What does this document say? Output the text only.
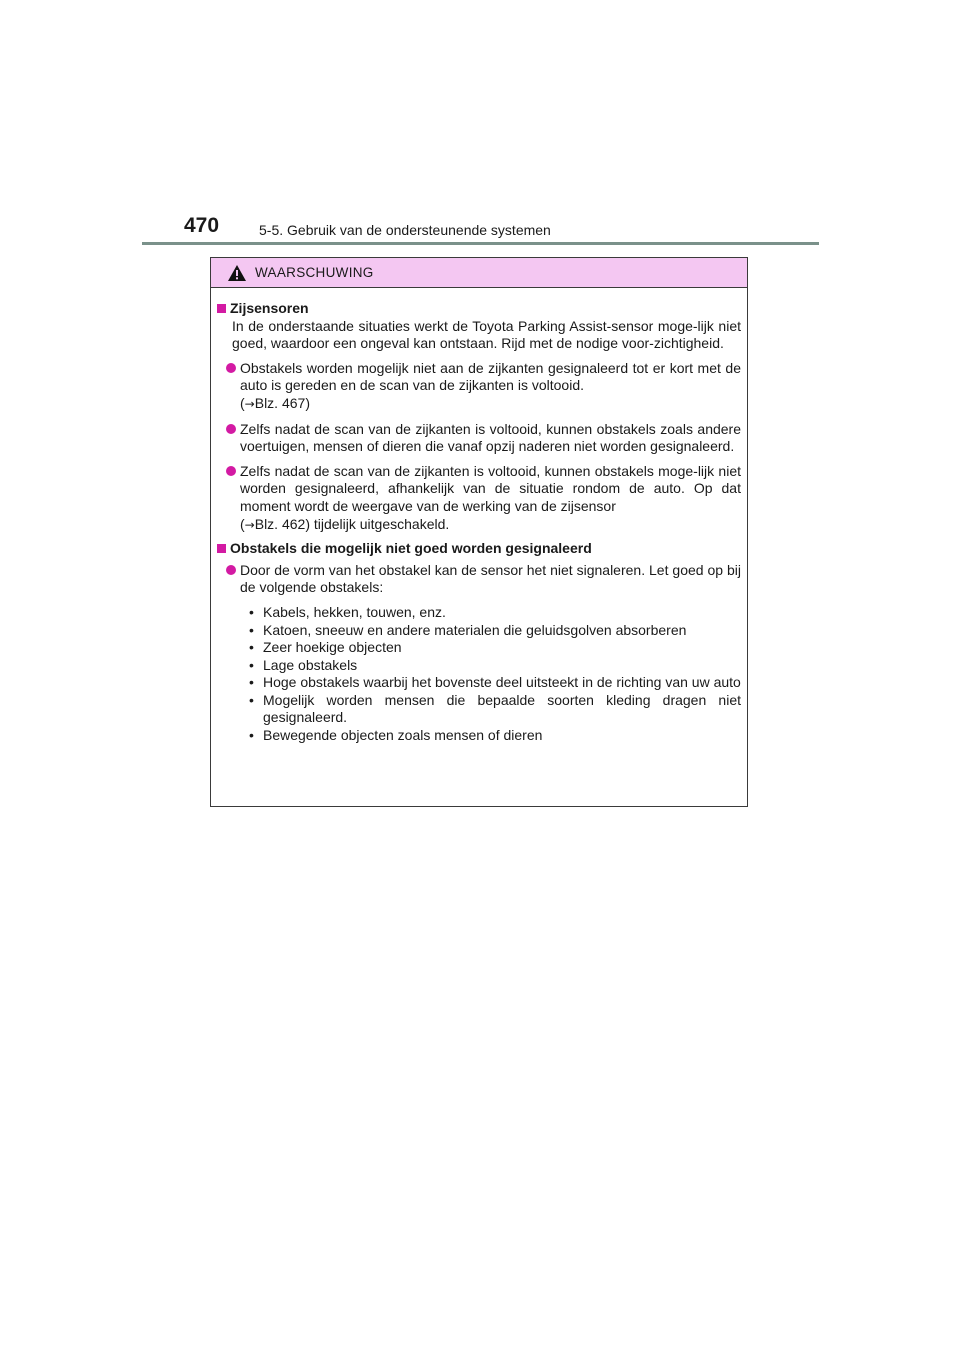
470	5-5. Gebruik van de ondersteunende systemen
WAARSCHUWING
Zijsensoren

In de onderstaande situaties werkt de Toyota Parking Assist-sensor moge-lijk niet goed, waardoor een ongeval kan ontstaan. Rijd met de nodige voor-zichtigheid.

Obstakels worden mogelijk niet aan de zijkanten gesignaleerd tot er kort met de auto is gereden en de scan van de zijkanten is voltooid.
(→Blz. 467)
Zelfs nadat de scan van de zijkanten is voltooid, kunnen obstakels zoals andere voertuigen, mensen of dieren die vanaf opzij naderen niet worden gesignaleerd.
Zelfs nadat de scan van de zijkanten is voltooid, kunnen obstakels moge-lijk niet worden gesignaleerd, afhankelijk van de situatie rondom de auto. Op dat moment wordt de weergave van de werking van de zijsensor
(→Blz. 462) tijdelijk uitgeschakeld.
Obstakels die mogelijk niet goed worden gesignaleerd
Door de vorm van het obstakel kan de sensor het niet signaleren. Let goed op bij de volgende obstakels:
• Kabels, hekken, touwen, enz.
• Katoen, sneeuw en andere materialen die geluidsgolven absorberen
• Zeer hoekige objecten
• Lage obstakels
• Hoge obstakels waarbij het bovenste deel uitsteekt in de richting van uw auto
• Mogelijk worden mensen die bepaalde soorten kleding dragen niet gesignaleerd.
• Bewegende objecten zoals mensen of dieren
